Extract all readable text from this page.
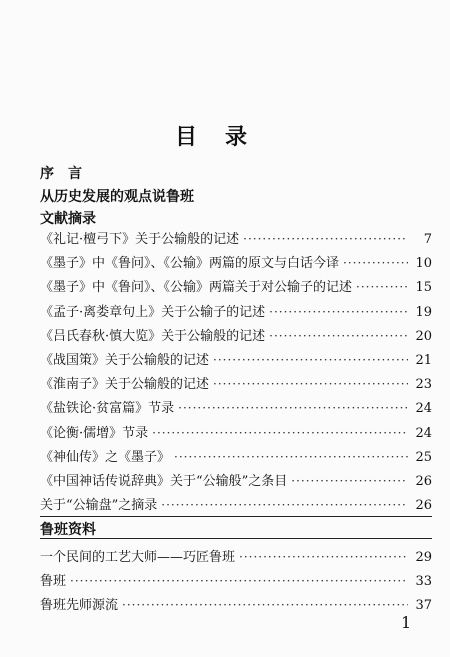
目录
序　言
从历史发展的观点说鲁班
文献摘录
《礼记·檀弓下》关于公输般的记述 ·····	7
《墨子》中《鲁问》、《公输》两篇的原文与白话今译 ·····	10
《墨子》中《鲁问》、《公输》两篇关于对公输子的记述 ·····	15
《孟子·离娄章句上》关于公输子的记述 ·····	19
《吕氏春秋·慎大览》关于公输般的记述 ·····	20
《战国策》关于公输般的记述 ·····	21
《淮南子》关于公输般的记述 ·····	23
《盐铁论·贫富篇》节录 ·····	24
《论衡·儒增》节录 ·····	24
《神仙传》之《墨子》 ·····	25
《中国神话传说辞典》关于“公输般”之条目 ·····	26
关于“公输盘”之摘录 ·····	26
鲁班资料
一个民间的工艺大师——巧匠鲁班 ·····	29
鲁班 ·····	33
鲁班先师源流 ·····	37
1
